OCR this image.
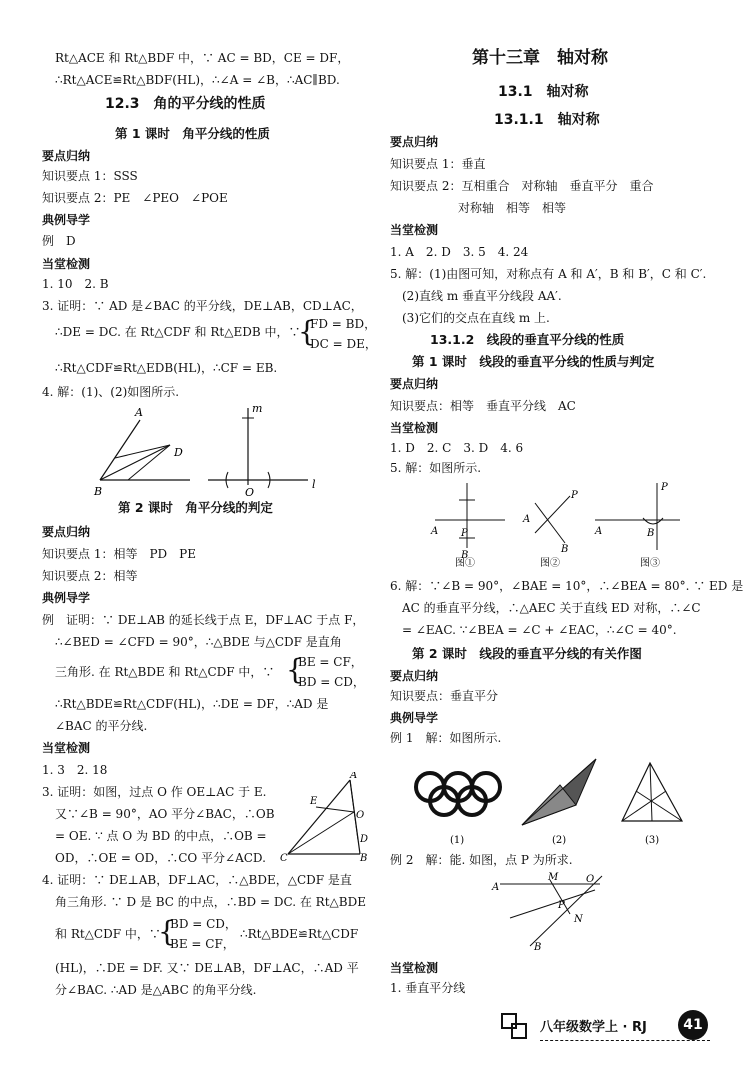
Rt△ACE 和 Rt△BDF 中，∵ AC = BD，CE = DF，
∴Rt△ACE≌Rt△BDF(HL)，∴∠A = ∠B，∴AC∥BD.
12.3　角的平分线的性质
第 1 课时　角平分线的性质
要点归纳
知识要点 1：SSS
知识要点 2：PE　∠PEO　∠POE
典例导学
例　D
当堂检测
1. 10　2. B
3. 证明：∵ AD 是∠BAC 的平分线，DE⊥AB，CD⊥AC，
∴DE = DC. 在 Rt△CDF 和 Rt△EDB 中，∵
{
FD = BD，
DC = DE，
∴Rt△CDF≌Rt△EDB(HL)，∴CF = EB.
4. 解：(1)、(2)如图所示.
A
B
D
m
O
l
第 2 课时　角平分线的判定
要点归纳
知识要点 1：相等　PD　PE
知识要点 2：相等
典例导学
例　证明：∵ DE⊥AB 的延长线于点 E，DF⊥AC 于点 F，
∴∠BED = ∠CFD = 90°，∴△BDE 与△CDF 是直角
三角形. 在 Rt△BDE 和 Rt△CDF 中，∵ {
BE = CF，
BD = CD，
∴Rt△BDE≌Rt△CDF(HL)，∴DE = DF，∴AD 是
∠BAC 的平分线.
当堂检测
1. 3　2. 18
3. 证明：如图，过点 O 作 OE⊥AC 于 E.
又∵∠B = 90°，AO 平分∠BAC，∴OB
= OE. ∵ 点 O 为 BD 的中点，∴OB =
OD，∴OE = OD，∴CO 平分∠ACD.
A
B
C
D
E
O
4. 证明：∵ DE⊥AB，DF⊥AC，∴△BDE，△CDF 是直
角三角形. ∵ D 是 BC 的中点，∴BD = DC. 在 Rt△BDE
和 Rt△CDF 中，∵
{
BD = CD，
BE = CF，
∴Rt△BDE≌Rt△CDF
(HL)，∴DE = DF. 又∵ DE⊥AB，DF⊥AC，∴AD 平
分∠BAC. ∴AD 是△ABC 的角平分线.
第十三章　轴对称
13.1　轴对称
13.1.1　轴对称
要点归纳
知识要点 1：垂直
知识要点 2：互相重合　对称轴　垂直平分　重合
对称轴　相等　相等
当堂检测
1. A　2. D　3. 5　4. 24
5. 解：(1)由图可知，对称点有 A 和 A′，B 和 B′，C 和 C′.
(2)直线 m 垂直平分线段 AA′.
(3)它们的交点在直线 m 上.
13.1.2　线段的垂直平分线的性质
第 1 课时　线段的垂直平分线的性质与判定
要点归纳
知识要点：相等　垂直平分线　AC
当堂检测
1. D　2. C　3. D　4. 6
5. 解：如图所示.
A P
B
A
P
B
A
P
B
图①	图②	图③
6. 解：∵∠B = 90°，∠BAE = 10°，∴∠BEA = 80°. ∵ ED 是
AC 的垂直平分线，∴△AEC 关于直线 ED 对称，∴∠C
= ∠EAC. ∵∠BEA = ∠C + ∠EAC，∴∠C = 40°.
第 2 课时　线段的垂直平分线的有关作图
要点归纳
知识要点：垂直平分
典例导学
例 1　解：如图所示.
(1)	(2)	(3)
例 2　解：能. 如图，点 P 为所求.
A
B
M
N
O
P
当堂检测
1. 垂直平分线
八年级数学上 · RJ	41
